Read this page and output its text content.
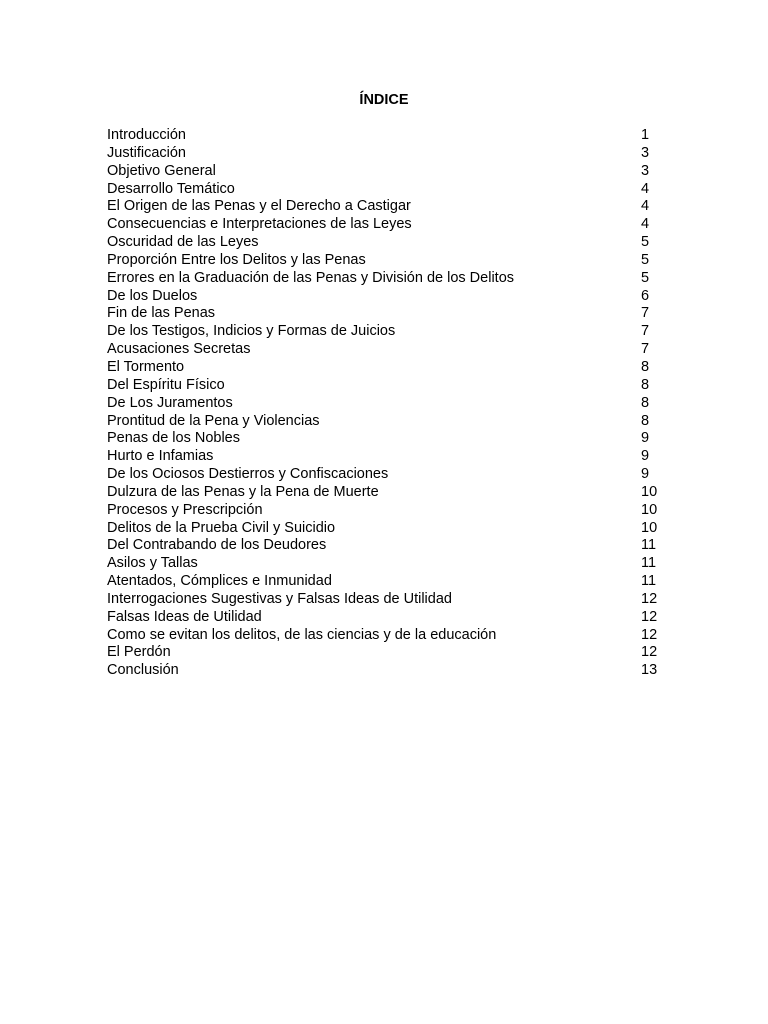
ÍNDICE
Introducción	1
Justificación	3
Objetivo General	3
Desarrollo Temático	4
El Origen de las Penas y el Derecho a Castigar	4
Consecuencias e Interpretaciones de las Leyes	4
Oscuridad de las Leyes	5
Proporción Entre los Delitos y las Penas	5
Errores en la Graduación de las Penas y División de los Delitos	5
De los Duelos	6
Fin de las Penas	7
De los Testigos, Indicios y Formas de Juicios	7
Acusaciones Secretas	7
El Tormento	8
Del Espíritu Físico	8
De Los Juramentos	8
Prontitud de la Pena y Violencias	8
Penas de los Nobles	9
Hurto e Infamias	9
De los Ociosos Destierros y Confiscaciones	9
Dulzura de las Penas y la Pena de Muerte	10
Procesos y Prescripción	10
Delitos de la Prueba Civil y Suicidio	10
Del Contrabando de los Deudores	11
Asilos y Tallas	11
Atentados, Cómplices e Inmunidad	11
Interrogaciones Sugestivas y Falsas Ideas de Utilidad	12
Falsas Ideas de Utilidad	12
Como se evitan los delitos, de las ciencias y de la educación	12
El Perdón	12
Conclusión	13
